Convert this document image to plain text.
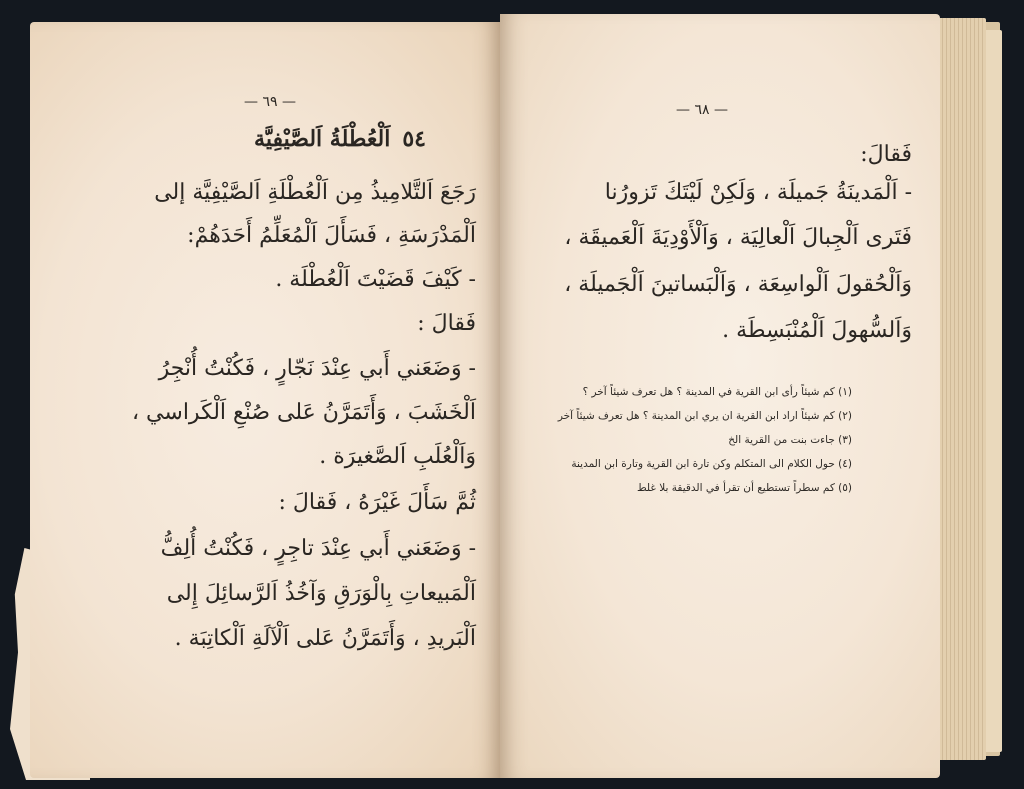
— ٦٩ —
٥٤اَلْعُطْلَةُ اَلصَّيْفِيَّة
رَجَعَ اَلتَّلامِيذُ مِن اَلْعُطْلَةِ اَلصَّيْفِيَّة إلى
اَلْمَدْرَسَةِ ، فَسَأَلَ اَلْمُعَلِّمُ أَحَدَهُمْ:
- كَيْفَ قَضَيْتَ اَلْعُطْلَة .
فَقالَ :
- وَضَعَني أَبي عِنْدَ نَجّارٍ ، فَكُنْتُ أُنْجِرُ
اَلْخَشَبَ ، وَأَتَمَرَّنُ عَلى صُنْعِ اَلْكَراسي ،
وَاَلْعُلَبِ اَلصَّغيرَة .
ثُمَّ سَأَلَ غَيْرَهُ ، فَقالَ :
- وَضَعَني أَبي عِنْدَ تاجِرٍ ، فَكُنْتُ أُلِفُّ
اَلْمَبيعاتِ بِالْوَرَقِ وَآخُذُ اَلرَّسائِلَ إِلى
اَلْبَريدِ ، وَأَتَمَرَّنُ عَلى اَلْآلَةِ اَلْكاتِبَة .
— ٦٨ —
فَقالَ:
- اَلْمَدينَةُ جَميلَة ، وَلَكِنْ لَيْتَكَ تَزورُنا
فَتَرى اَلْجِبالَ اَلْعالِيَة ، وَاَلْأَوْدِيَةَ اَلْعَميقَة ،
وَاَلْحُقولَ اَلْواسِعَة ، وَاَلْبَساتينَ اَلْجَميلَة ،
وَاَلسُّهولَ اَلْمُنْبَسِطَة .
(١) كم شيئاً رأى ابن القرية في المدينة ؟ هل تعرف شيئاً آخر ؟
(٢) كم شيئاً اراد ابن القرية ان يري ابن المدينة ؟ هل تعرف شيئاً آخر
(٣) جاءت بنت من القرية الخ
(٤) حول الكلام الى المتكلم وكن تارة ابن القرية وتارة ابن المدينة
(٥) كم سطراً تستطيع أن تقرأ في الدقيقة بلا غلط
